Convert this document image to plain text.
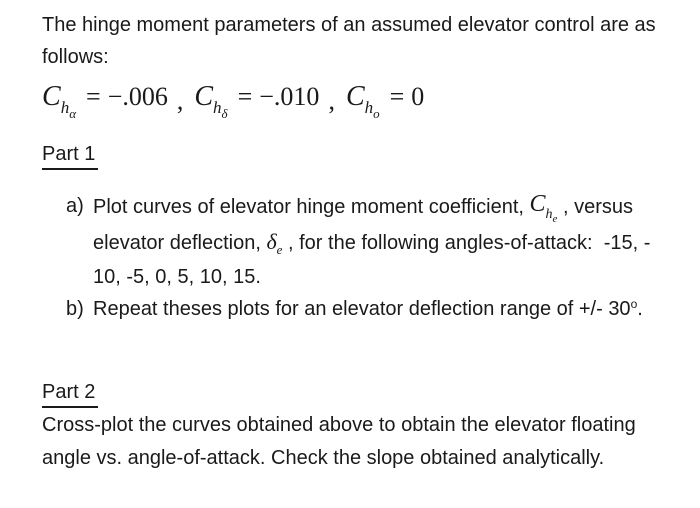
The hinge moment parameters of an assumed elevator control are as
follows:
$Ch_\alpha= -.006$ , $Ch_\delta= -.010$ , $Ch_o= 0$
Part 1
a) Plot curves of elevator hinge moment coefficient, $C_{he}$ , versus
elevator deflection, $\delta_e$ , for the following angles-of-attack:  -15, -
10, -5, 0, 5, 10, 15.
b) Repeat theses plots for an elevator deflection range of +/- 30$^o$.
Part 2
Cross-plot the curves obtained above to obtain the elevator floating
angle vs. angle-of-attack. Check the slope obtained analytically.
